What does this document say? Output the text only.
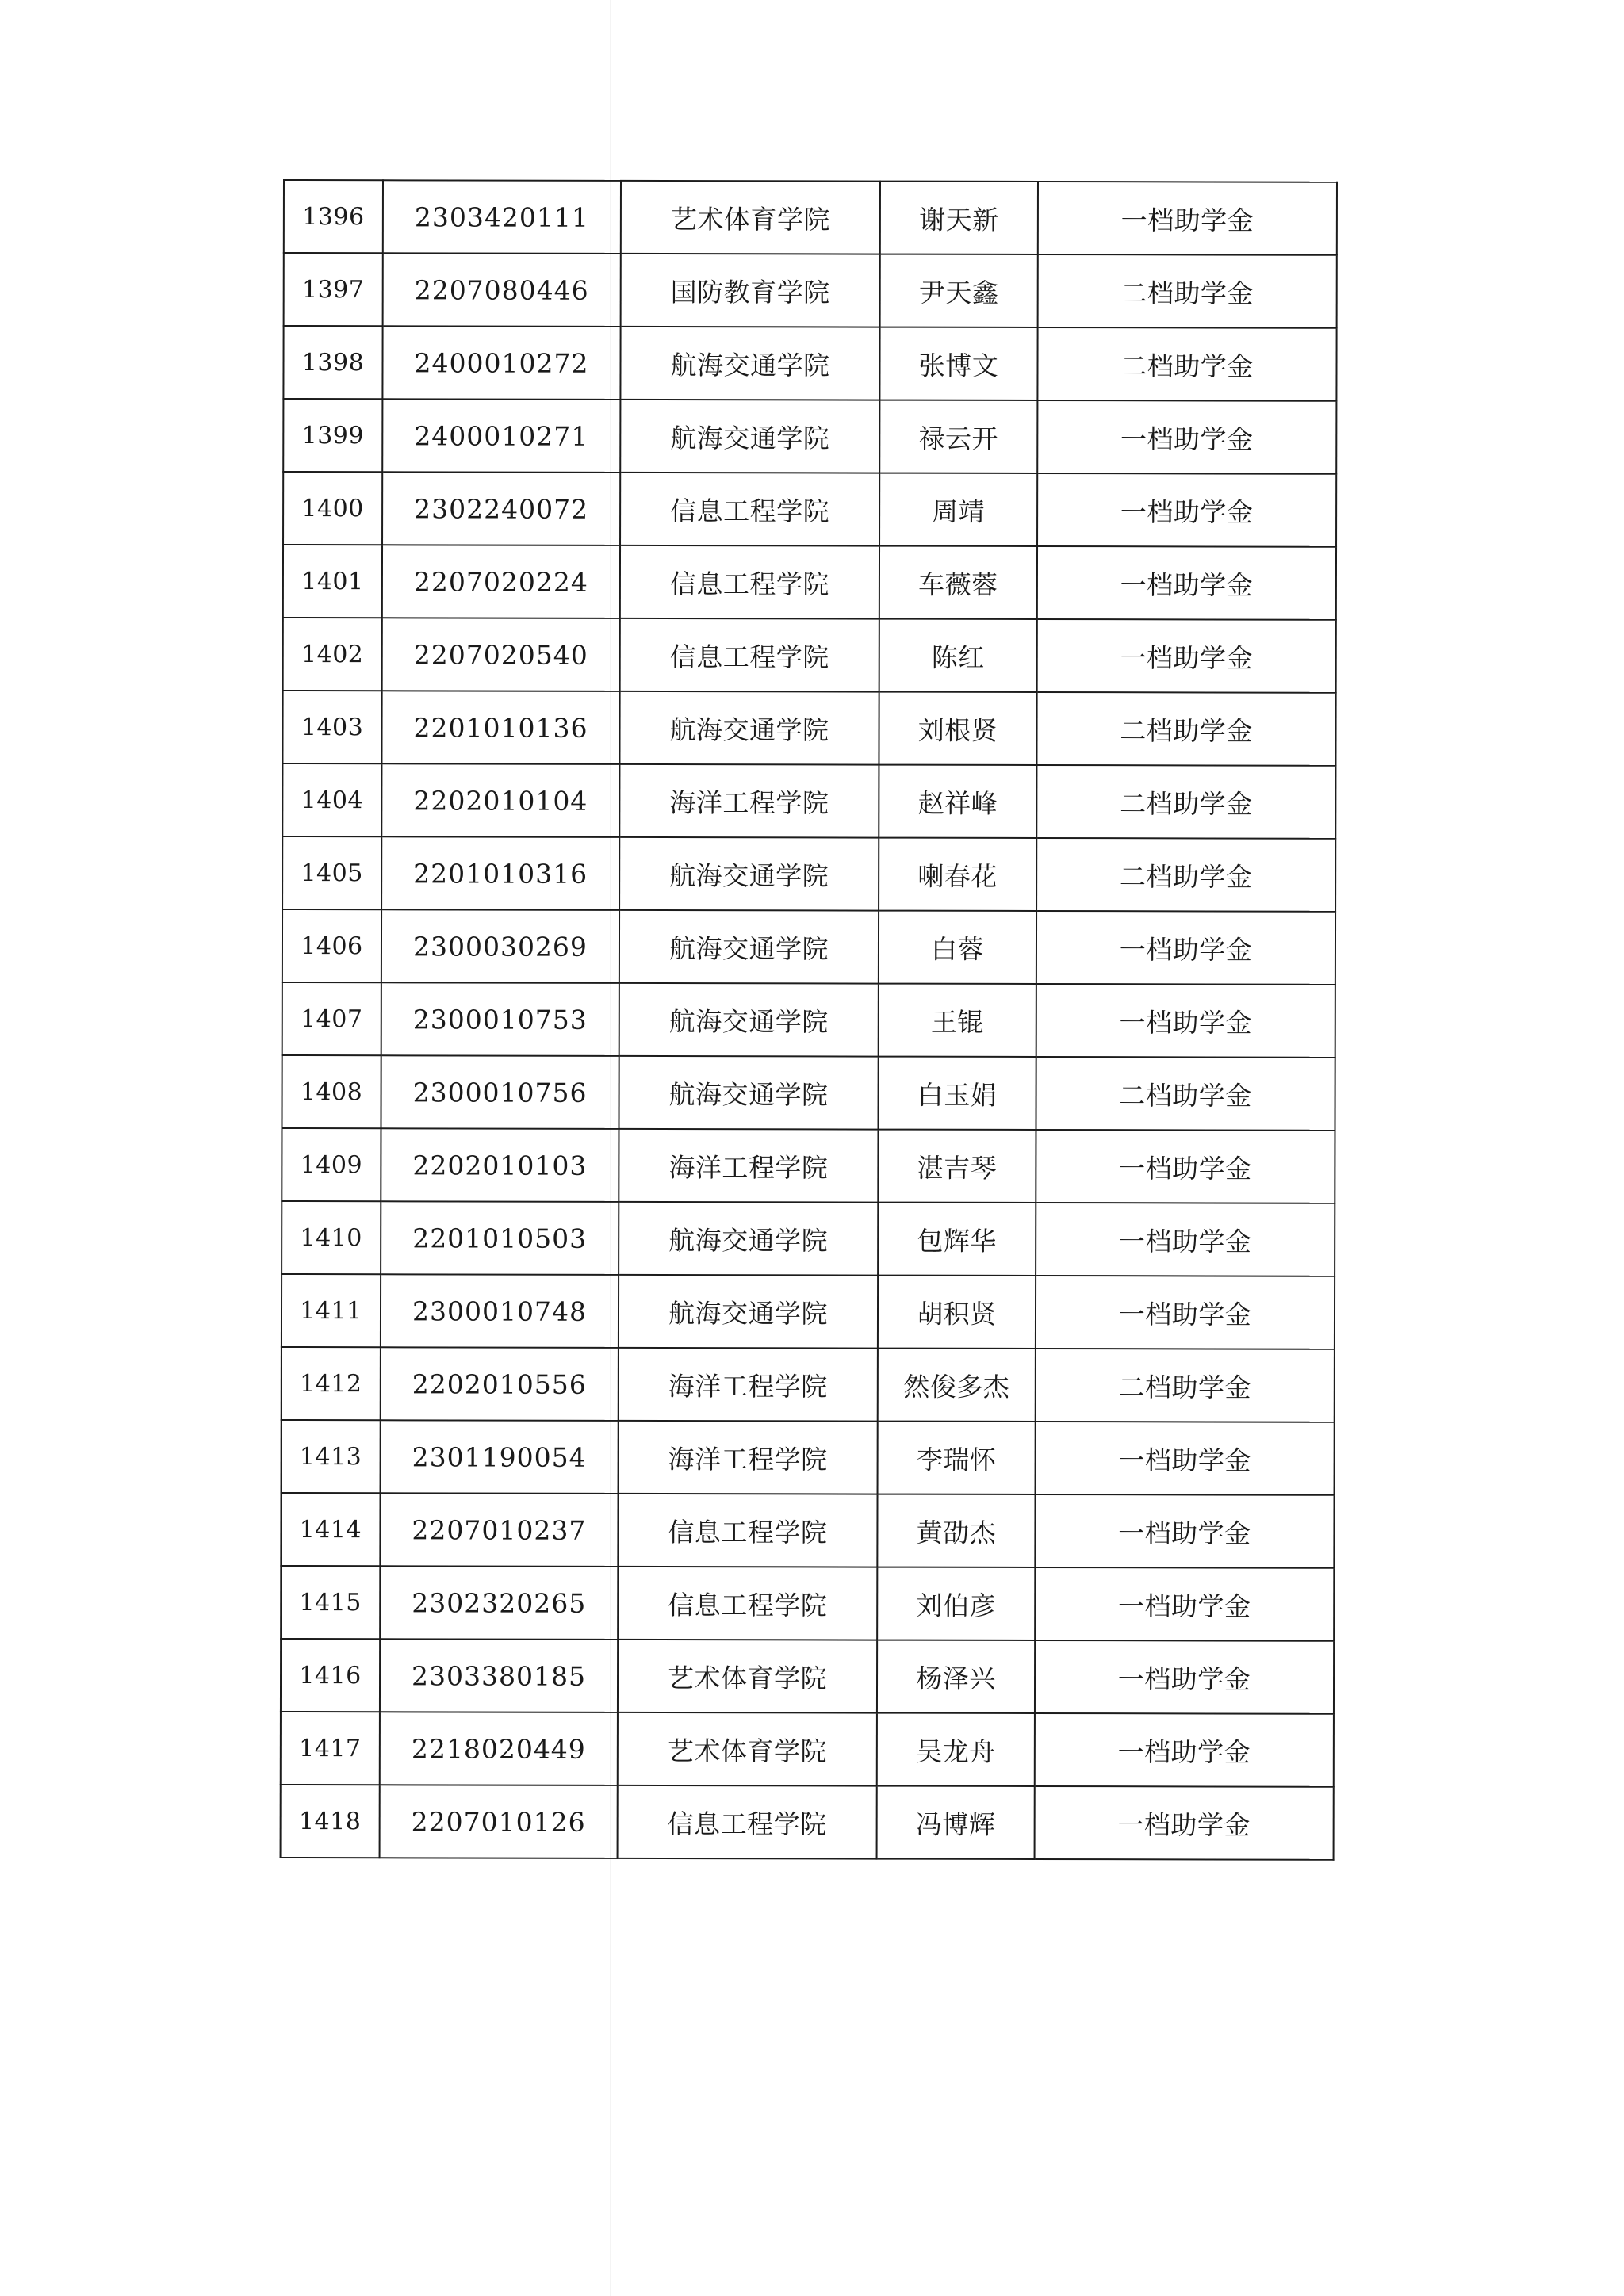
1396	2303420111	艺术体育学院	谢天新	一档助学金
1397	2207080446	国防教育学院	尹天鑫	二档助学金
1398	2400010272	航海交通学院	张博文	二档助学金
1399	2400010271	航海交通学院	禄云开	一档助学金
1400	2302240072	信息工程学院	周靖	一档助学金
1401	2207020224	信息工程学院	车薇蓉	一档助学金
1402	2207020540	信息工程学院	陈红	一档助学金
1403	2201010136	航海交通学院	刘根贤	二档助学金
1404	2202010104	海洋工程学院	赵祥峰	二档助学金
1405	2201010316	航海交通学院	喇春花	二档助学金
1406	2300030269	航海交通学院	白蓉	一档助学金
1407	2300010753	航海交通学院	王锟	一档助学金
1408	2300010756	航海交通学院	白玉娟	二档助学金
1409	2202010103	海洋工程学院	湛吉琴	一档助学金
1410	2201010503	航海交通学院	包辉华	一档助学金
1411	2300010748	航海交通学院	胡积贤	一档助学金
1412	2202010556	海洋工程学院	然俊多杰	二档助学金
1413	2301190054	海洋工程学院	李瑞怀	一档助学金
1414	2207010237	信息工程学院	黄劭杰	一档助学金
1415	2302320265	信息工程学院	刘伯彦	一档助学金
1416	2303380185	艺术体育学院	杨泽兴	一档助学金
1417	2218020449	艺术体育学院	吴龙舟	一档助学金
1418	2207010126	信息工程学院	冯博辉	一档助学金
